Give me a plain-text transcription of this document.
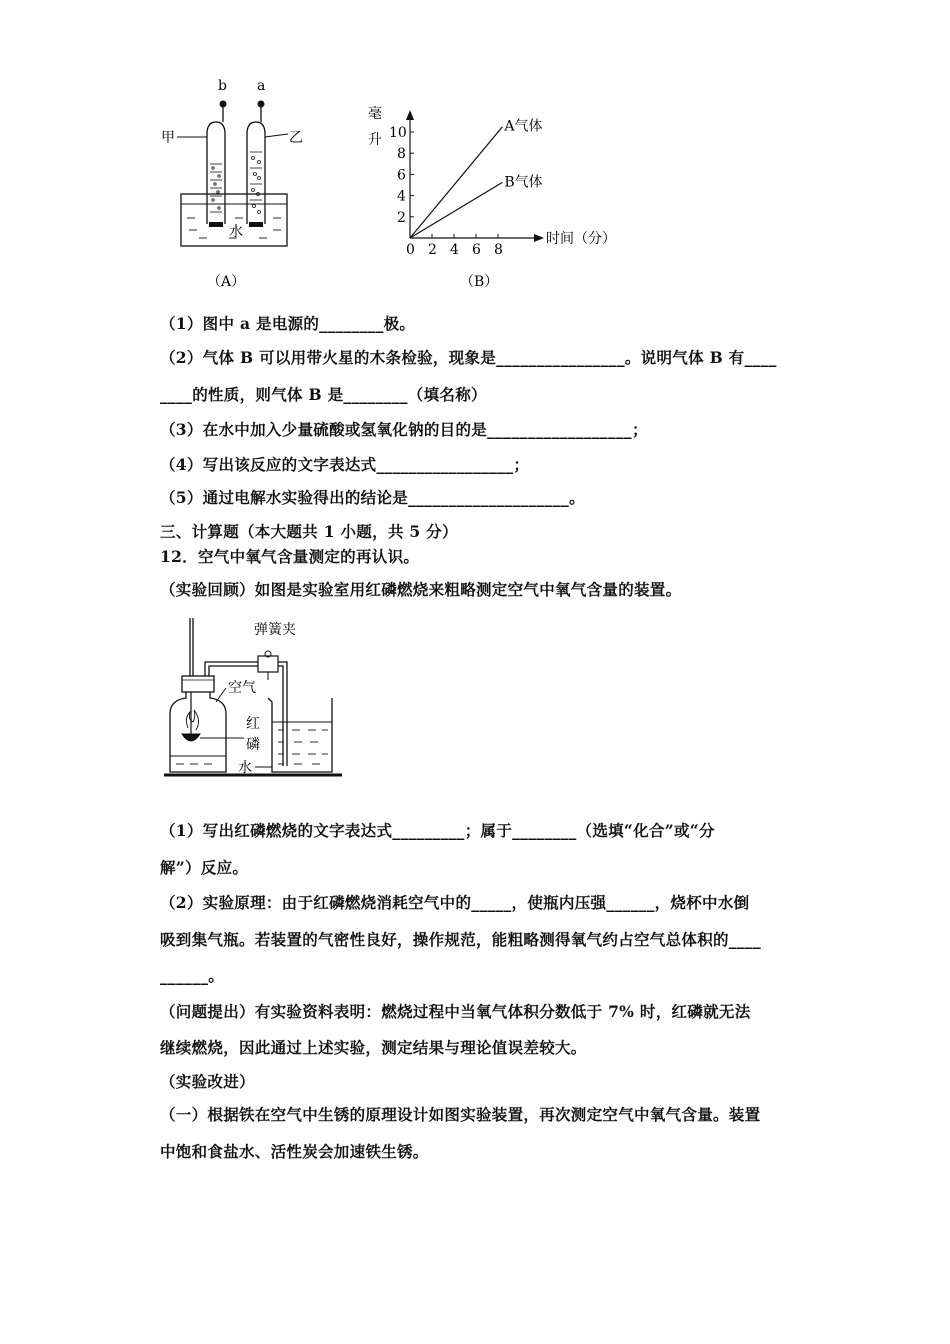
b a
甲	乙
水
（A）
毫
升
0 2 4 6 8
2
4
6
8
10	A气体
B气体
时间（分）
（B）
（1）图中 a 是电源的________极。
（2）气体 B 可以用带火星的木条检验，现象是________________。说明气体 B 有____
____的性质，则气体 B 是________（填名称）
（3）在水中加入少量硫酸或氢氧化钠的目的是__________________；
（4）写出该反应的文字表达式_________________；
（5）通过电解水实验得出的结论是____________________。
三、计算题（本大题共 1 小题，共 5 分）
12．空气中氧气含量测定的再认识。
（实验回顾）如图是实验室用红磷燃烧来粗略测定空气中氧气含量的装置。
弹簧夹
空气
红
磷
水
（1）写出红磷燃烧的文字表达式_________；属于________（选填“化合”或“分
解”）反应。
（2）实验原理：由于红磷燃烧消耗空气中的_____，使瓶内压强______，烧杯中水倒
吸到集气瓶。若装置的气密性良好，操作规范，能粗略测得氧气约占空气总体积的____
______。
（问题提出）有实验资料表明：燃烧过程中当氧气体积分数低于 7% 时，红磷就无法
继续燃烧，因此通过上述实验，测定结果与理论值误差较大。
（实验改进）
（一）根据铁在空气中生锈的原理设计如图实验装置，再次测定空气中氧气含量。装置
中饱和食盐水、活性炭会加速铁生锈。
